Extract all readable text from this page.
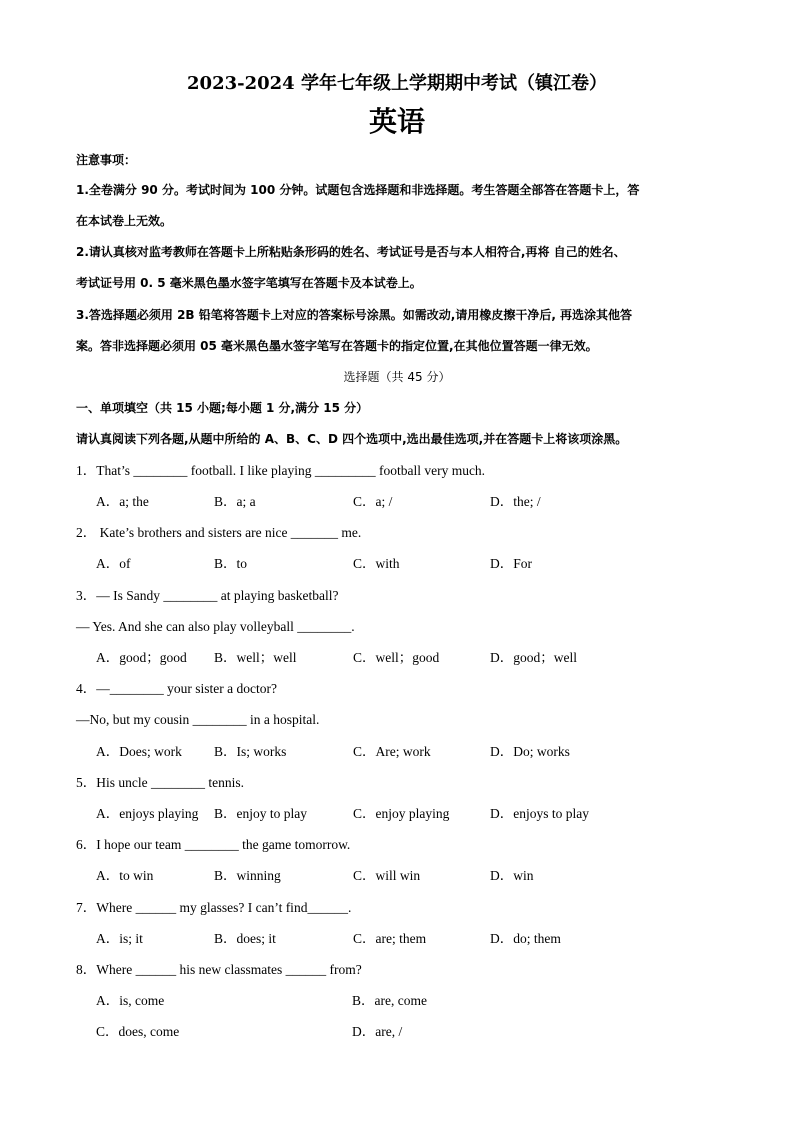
2023-2024 学年七年级上学期期中考试（镇江卷）
英语
注意事项：
1.全卷满分 90 分。考试时间为 100 分钟。试题包含选择题和非选择题。考生答题全部答在答题卡上，答
在本试卷上无效。
2.请认真核对监考教师在答题卡上所粘贴条形码的姓名、考试证号是否与本人相符合,再将 自己的姓名、
考试证号用 0. 5 毫米黑色墨水签字笔填写在答题卡及本试卷上。
3.答选择题必须用 2B 铅笔将答题卡上对应的答案标号涂黑。如需改动,请用橡皮擦干净后, 再选涂其他答
案。答非选择题必须用 05 毫米黑色墨水签字笔写在答题卡的指定位置,在其他位置答题一律无效。
选择题（共 45 分）
一、单项填空（共 15 小题;每小题 1 分,满分 15 分）
请认真阅读下列各题,从题中所给的 A、B、C、D 四个选项中,选出最佳选项,并在答题卡上将该项涂黑。
1．That’s ________ football. I like playing _________ football very much.
A．a; the	B．a; a	C．a; /	D．the; /
2． Kate’s brothers and sisters are nice _______ me.
A．of	B．to	C．with	D．For
3．— Is Sandy ________ at playing basketball?
— Yes. And she can also play volleyball ________.
A．good；good B．well；well	C．well；good	D．good；well
4．—________ your sister a doctor?
—No, but my cousin ________ in a hospital.
A．Does; work B．Is; works	C．Are; work	D．Do; works
5．His uncle ________ tennis.
A．enjoys playing B．enjoy to play	C．enjoy playing	D．enjoys to play
6．I hope our team ________ the game tomorrow.
A．to win	B．winning	C．will win	D．win
7．Where ______ my glasses? I can’t find______.
A．is; it	B．does; it	C．are; them	D．do; them
8．Where ______ his new classmates ______ from?
A．is, come	B．are, come
C．does, come	D．are, /
